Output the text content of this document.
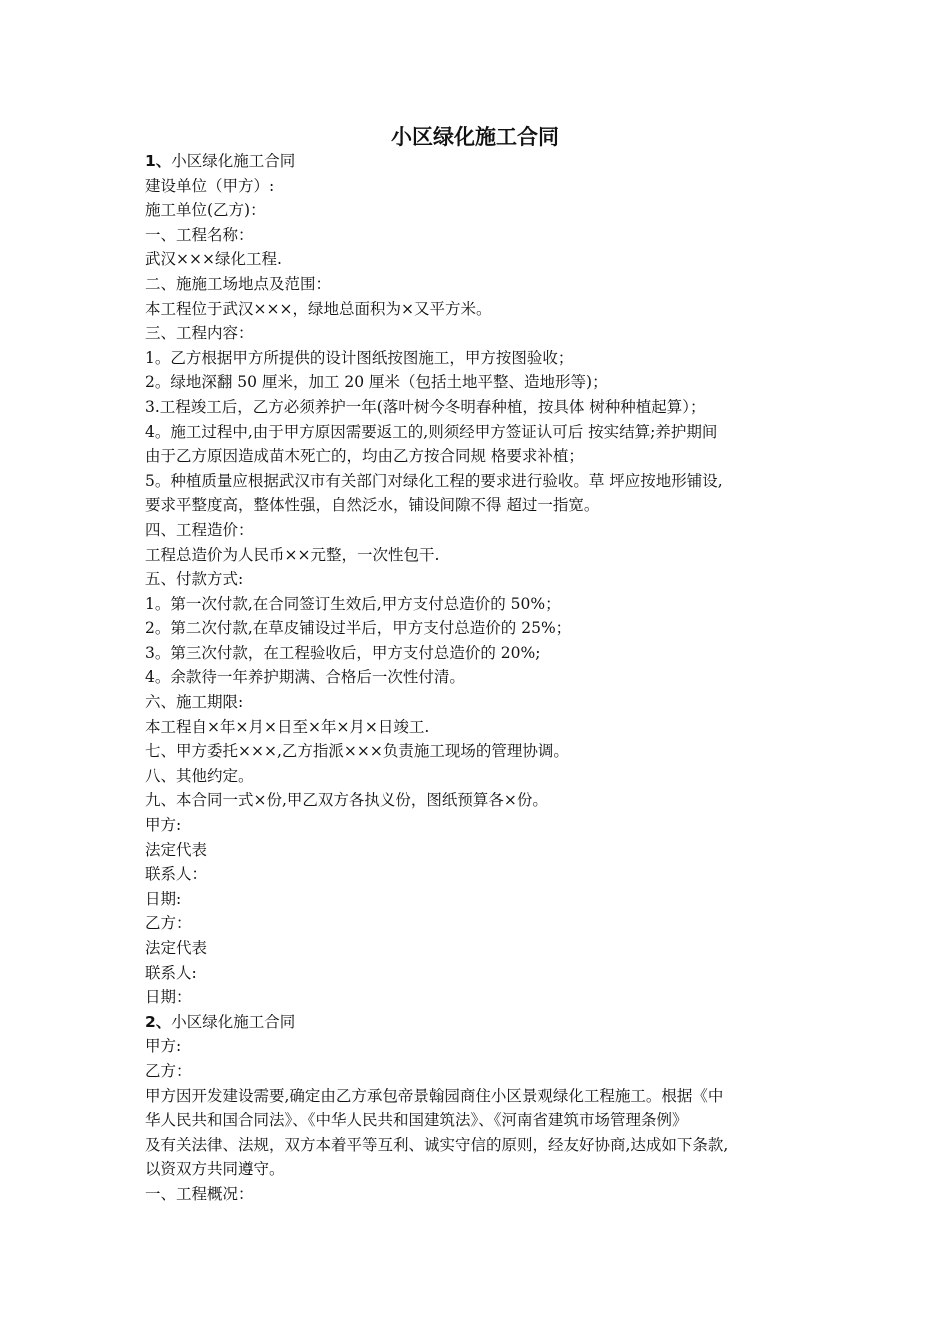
小区绿化施工合同
1、小区绿化施工合同
建设单位（甲方）:
施工单位(乙方)：
一、工程名称：
武汉×××绿化工程.
二、施施工场地点及范围：
本工程位于武汉×××，绿地总面积为×又平方米。
三、工程内容：
1。乙方根据甲方所提供的设计图纸按图施工，甲方按图验收；
2。绿地深翻 50 厘米，加工 20 厘米（包括土地平整、造地形等)；
3.工程竣工后，乙方必须养护一年(落叶树今冬明春种植，按具体 树种种植起算）；
4。施工过程中,由于甲方原因需要返工的,则须经甲方签证认可后 按实结算;养护期间
由于乙方原因造成苗木死亡的，均由乙方按合同规 格要求补植；
5。种植质量应根据武汉市有关部门对绿化工程的要求进行验收。草 坪应按地形铺设,
要求平整度高，整体性强，自然泛水，铺设间隙不得 超过一指宽。
四、工程造价：
工程总造价为人民币××元整，一次性包干.
五、付款方式:
1。第一次付款,在合同签订生效后,甲方支付总造价的 50%；
2。第二次付款,在草皮铺设过半后，甲方支付总造价的 25%；
3。第三次付款，在工程验收后，甲方支付总造价的 20%;
4。余款待一年养护期满、合格后一次性付清。
六、施工期限:
本工程自×年×月×日至×年×月×日竣工.
七、甲方委托×××,乙方指派×××负责施工现场的管理协调。
八、其他约定。
九、本合同一式×份,甲乙双方各执义份，图纸预算各×份。
甲方:
法定代表
联系人：
日期:
乙方：
法定代表
联系人:
日期：
2、小区绿化施工合同
甲方:
乙方：
甲方因开发建设需要,确定由乙方承包帝景翰园商住小区景观绿化工程施工。根据《中
华人民共和国合同法》、《中华人民共和国建筑法》、《河南省建筑市场管理条例》
及有关法律、法规，双方本着平等互利、诚实守信的原则，经友好协商,达成如下条款,
以资双方共同遵守。
一、工程概况：
